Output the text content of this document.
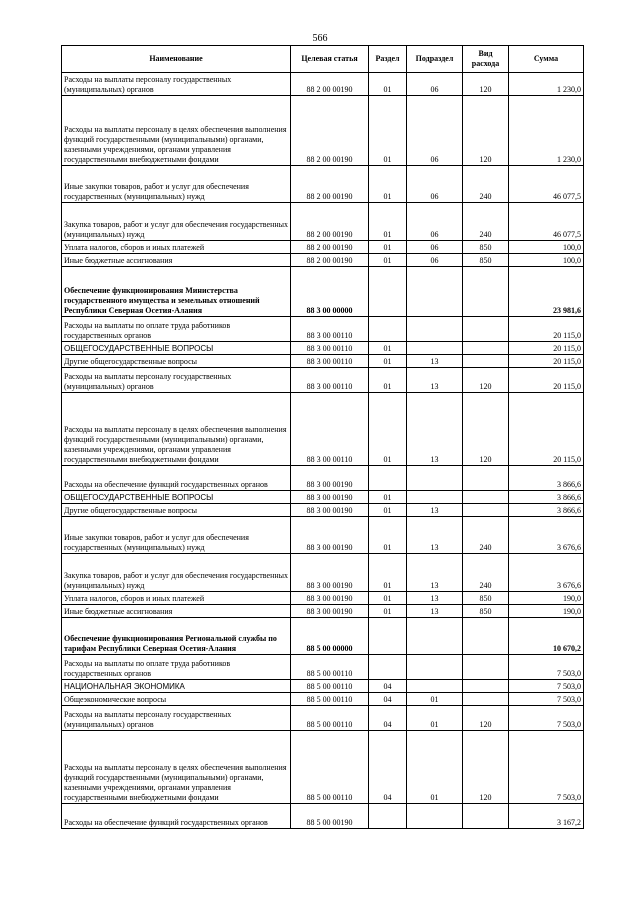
566
Наименование	Целевая статья	Раздел	Подраздел	Вид расхода	Сумма
Расходы на выплаты персоналу государственных (муниципальных) органов	88 2 00 00190	01	06	120	1 230,0
Расходы на выплаты персоналу в целях обеспечения выполнения функций государственными (муниципальными) органами, казенными учреждениями, органами управления государственными внебюджетными фондами	88 2 00 00190	01	06	120	1 230,0
Иные закупки товаров, работ и услуг для обеспечения государственных (муниципальных) нужд	88 2 00 00190	01	06	240	46 077,5
Закупка товаров, работ и услуг для обеспечения государственных (муниципальных) нужд	88 2 00 00190	01	06	240	46 077,5
Уплата налогов, сборов и иных платежей	88 2 00 00190	01	06	850	100,0
Иные бюджетные ассигнования	88 2 00 00190	01	06	850	100,0
Обеспечение функционирования Министерства государственного имущества и земельных отношений Республики Северная Осетия-Алания	88 3 00 00000				23 981,6
Расходы на выплаты по оплате труда работников государственных органов	88 3 00 00110				20 115,0
ОБЩЕГОСУДАРСТВЕННЫЕ ВОПРОСЫ	88 3 00 00110	01			20 115,0
Другие общегосударственные вопросы	88 3 00 00110	01	13		20 115,0
Расходы на выплаты персоналу государственных (муниципальных) органов	88 3 00 00110	01	13	120	20 115,0
Расходы на выплаты персоналу в целях обеспечения выполнения функций государственными (муниципальными) органами, казенными учреждениями, органами управления государственными внебюджетными фондами	88 3 00 00110	01	13	120	20 115,0
Расходы на обеспечение функций государственных органов	88 3 00 00190				3 866,6
ОБЩЕГОСУДАРСТВЕННЫЕ ВОПРОСЫ	88 3 00 00190	01			3 866,6
Другие общегосударственные вопросы	88 3 00 00190	01	13		3 866,6
Иные закупки товаров, работ и услуг для обеспечения государственных (муниципальных) нужд	88 3 00 00190	01	13	240	3 676,6
Закупка товаров, работ и услуг для обеспечения государственных (муниципальных) нужд	88 3 00 00190	01	13	240	3 676,6
Уплата налогов, сборов и иных платежей	88 3 00 00190	01	13	850	190,0
Иные бюджетные ассигнования	88 3 00 00190	01	13	850	190,0
Обеспечение функционирования Региональной службы по тарифам Республики Северная Осетия-Алания	88 5 00 00000				10 670,2
Расходы на выплаты по оплате труда работников государственных органов	88 5 00 00110				7 503,0
НАЦИОНАЛЬНАЯ ЭКОНОМИКА	88 5 00 00110	04			7 503,0
Общеэкономические вопросы	88 5 00 00110	04	01		7 503,0
Расходы на выплаты персоналу государственных (муниципальных) органов	88 5 00 00110	04	01	120	7 503,0
Расходы на выплаты персоналу в целях обеспечения выполнения функций государственными (муниципальными) органами, казенными учреждениями, органами управления государственными внебюджетными фондами	88 5 00 00110	04	01	120	7 503,0
Расходы на обеспечение функций государственных органов	88 5 00 00190				3 167,2
